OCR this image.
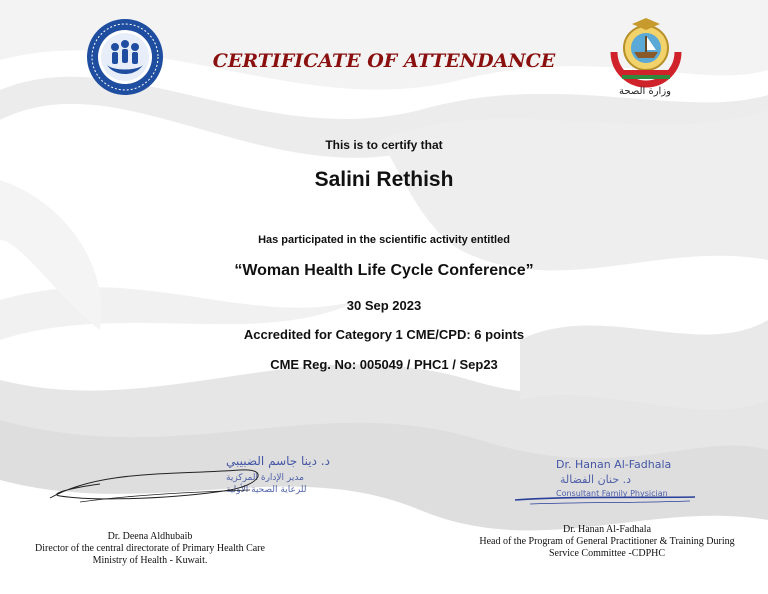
وزارة الصحة
CERTIFICATE OF ATTENDANCE
This is to certify that
Salini Rethish
Has participated in the scientific activity entitled
“Woman Health Life Cycle Conference”
30 Sep 2023
Accredited for Category 1 CME/CPD: 6 points
CME Reg. No: 005049 / PHC1 / Sep23
د. دينا جاسم الضبيبي
مدير الإدارة المركزية
للرعاية الصحية الأولية
Dr. Hanan Al-Fadhala
د. حنان الفضالة
Consultant Family Physician
Dr. Deena Aldhubaib
Director of the central directorate of Primary Health Care
Ministry of Health - Kuwait.
Dr. Hanan Al-Fadhala
Head of the Program of General Practitioner & Training During
Service Committee -CDPHC
